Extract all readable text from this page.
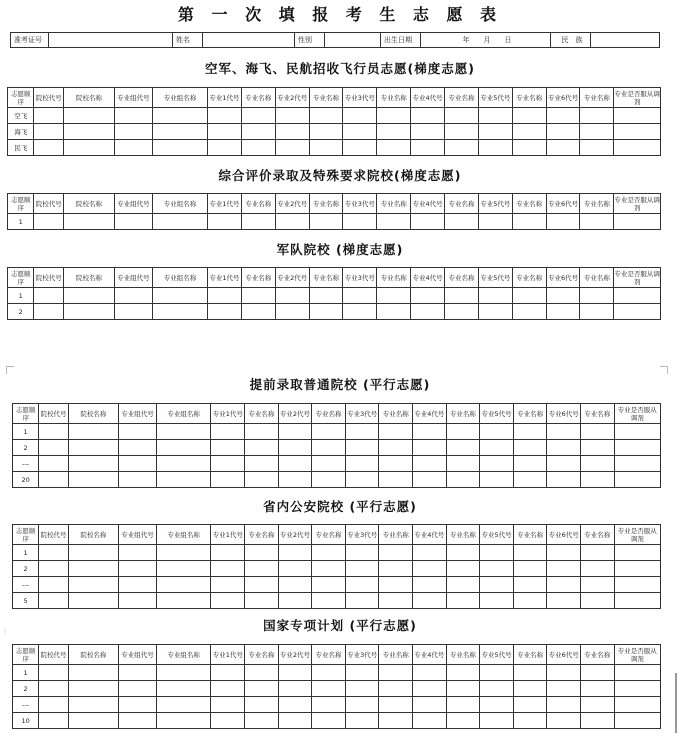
第 一 次 填 报 考 生 志 愿 表
准考证号		姓名		性别		出生日期	年　　月　　日	民　族	
空军、海飞、民航招收飞行员志愿(梯度志愿)
志愿顺序	院校代号	院校名称	专业组代号	专业组名称	专业1代号	专业名称	专业2代号	专业名称	专业3代号	专业名称	专业4代号	专业名称	专业5代号	专业名称	专业6代号	专业名称	专业是否服从调剂
空飞																	
海飞																	
民飞																	
综合评价录取及特殊要求院校(梯度志愿)
志愿顺序	院校代号	院校名称	专业组代号	专业组名称	专业1代号	专业名称	专业2代号	专业名称	专业3代号	专业名称	专业4代号	专业名称	专业5代号	专业名称	专业6代号	专业名称	专业是否服从调剂
1																	
军队院校 (梯度志愿)
志愿顺序	院校代号	院校名称	专业组代号	专业组名称	专业1代号	专业名称	专业2代号	专业名称	专业3代号	专业名称	专业4代号	专业名称	专业5代号	专业名称	专业6代号	专业名称	专业是否服从调剂
1																	
2																	
提前录取普通院校 (平行志愿)
志愿顺序	院校代号	院校名称	专业组代号	专业组名称	专业1代号	专业名称	专业2代号	专业名称	专业3代号	专业名称	专业4代号	专业名称	专业5代号	专业名称	专业6代号	专业名称	专业是否服从调剂
1																	
2																	
---																	
20																	
省内公安院校 (平行志愿)
志愿顺序	院校代号	院校名称	专业组代号	专业组名称	专业1代号	专业名称	专业2代号	专业名称	专业3代号	专业名称	专业4代号	专业名称	专业5代号	专业名称	专业6代号	专业名称	专业是否服从调剂
1																	
2																	
---																	
5																	
国家专项计划 (平行志愿)
志愿顺序	院校代号	院校名称	专业组代号	专业组名称	专业1代号	专业名称	专业2代号	专业名称	专业3代号	专业名称	专业4代号	专业名称	专业5代号	专业名称	专业6代号	专业名称	专业是否服从调剂
1																	
2																	
---																	
10																	
⋮
